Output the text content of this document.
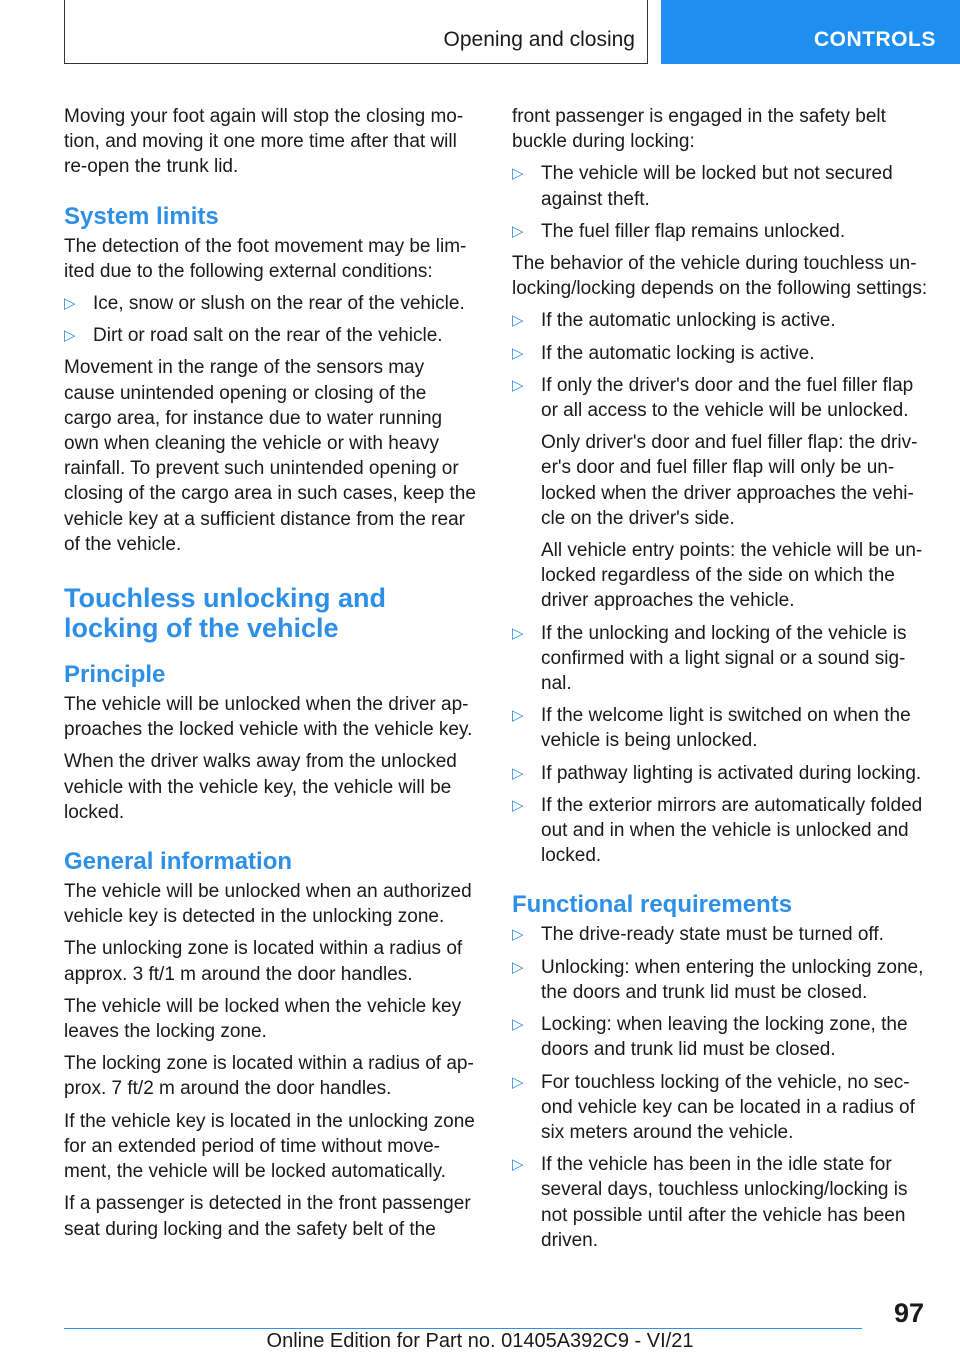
Opening and closing	CONTROLS

Moving your foot again will stop the closing motion, and moving it one more time after that will re-open the trunk lid.

System limits

The detection of the foot movement may be limited due to the following external conditions:

▷ Ice, snow or slush on the rear of the vehicle.
▷ Dirt or road salt on the rear of the vehicle.

Movement in the range of the sensors may cause unintended opening or closing of the cargo area, for instance due to water running own when cleaning the vehicle or with heavy rainfall. To prevent such unintended opening or closing of the cargo area in such cases, keep the vehicle key at a sufficient distance from the rear of the vehicle.

Touchless unlocking and locking of the vehicle
Principle

The vehicle will be unlocked when the driver approaches the locked vehicle with the vehicle key.

When the driver walks away from the unlocked vehicle with the vehicle key, the vehicle will be locked.

General information

The vehicle will be unlocked when an authorized vehicle key is detected in the unlocking zone.

The unlocking zone is located within a radius of approx. 3 ft/1 m around the door handles.

The vehicle will be locked when the vehicle key leaves the locking zone.

The locking zone is located within a radius of approx. 7 ft/2 m around the door handles.

If the vehicle key is located in the unlocking zone for an extended period of time without movement, the vehicle will be locked automatically.

If a passenger is detected in the front passenger seat during locking and the safety belt of the

front passenger is engaged in the safety belt buckle during locking:

▷ The vehicle will be locked but not secured against theft.
▷ The fuel filler flap remains unlocked.

The behavior of the vehicle during touchless unlocking/locking depends on the following settings:

▷ If the automatic unlocking is active.
▷ If the automatic locking is active.
▷ If only the driver's door and the fuel filler flap or all access to the vehicle will be unlocked.
Only driver's door and fuel filler flap: the driver's door and fuel filler flap will only be unlocked when the driver approaches the vehicle on the driver's side.
All vehicle entry points: the vehicle will be unlocked regardless of the side on which the driver approaches the vehicle.
▷ If the unlocking and locking of the vehicle is confirmed with a light signal or a sound signal.
▷ If the welcome light is switched on when the vehicle is being unlocked.
▷ If pathway lighting is activated during locking.
▷ If the exterior mirrors are automatically folded out and in when the vehicle is unlocked and locked.
Functional requirements
▷ The drive-ready state must be turned off.
▷ Unlocking: when entering the unlocking zone, the doors and trunk lid must be closed.
▷ Locking: when leaving the locking zone, the doors and trunk lid must be closed.
▷ For touchless locking of the vehicle, no second vehicle key can be located in a radius of six meters around the vehicle.
▷ If the vehicle has been in the idle state for several days, touchless unlocking/locking is not possible until after the vehicle has been driven.
97
Online Edition for Part no. 01405A392C9 - VI/21
